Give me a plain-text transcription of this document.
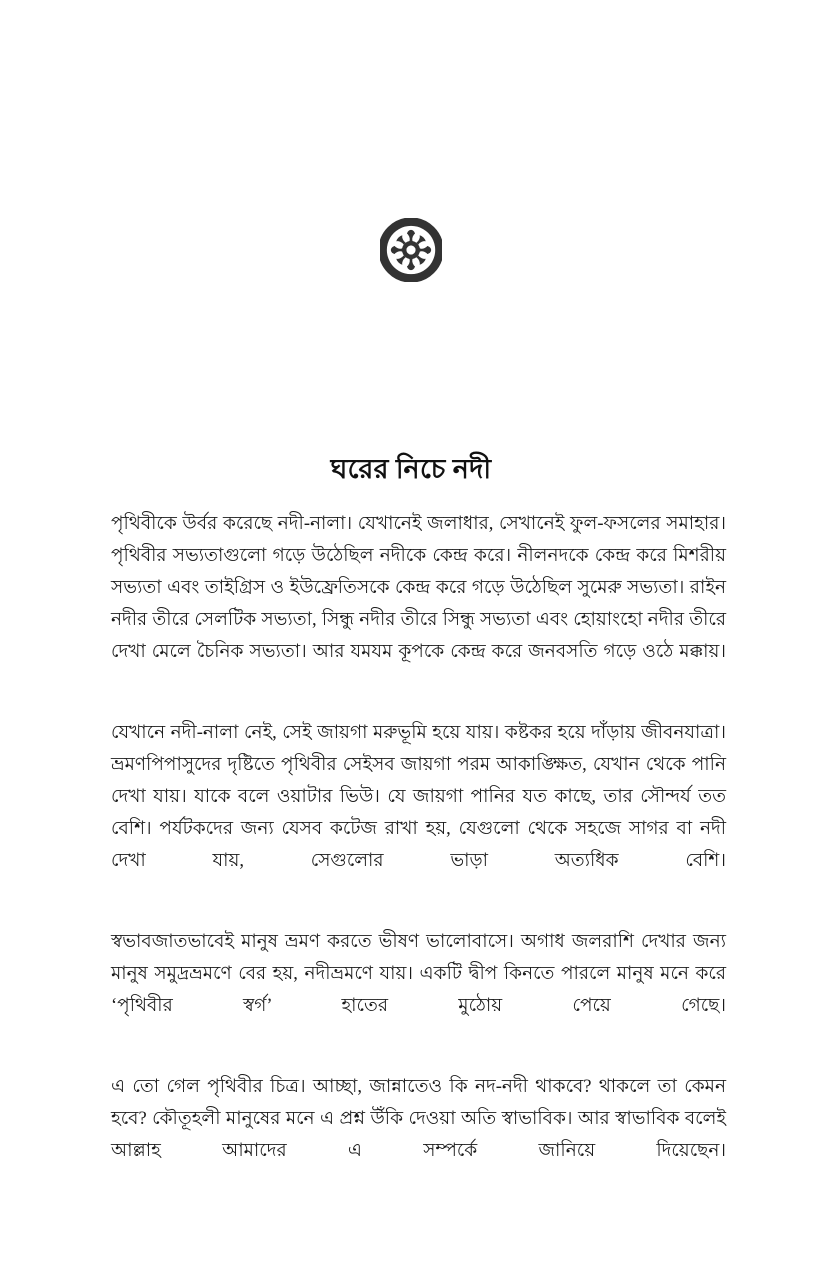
ঘরের নিচে নদী

পৃথিবীকে উর্বর করেছে নদী-নালা। যেখানেই জলাধার, সেখানেই ফুল-ফসলের সমাহার। পৃথিবীর সভ্যতাগুলো গড়ে উঠেছিল নদীকে কেন্দ্র করে। নীলনদকে কেন্দ্র করে মিশরীয় সভ্যতা এবং তাইগ্রিস ও ইউফ্রেতিসকে কেন্দ্র করে গড়ে উঠেছিল সুমেরু সভ্যতা। রাইন নদীর তীরে সেলটিক সভ্যতা, সিন্ধু নদীর তীরে সিন্ধু সভ্যতা এবং হোয়াংহো নদীর তীরে দেখা মেলে চৈনিক সভ্যতা। আর যমযম কূপকে কেন্দ্র করে জনবসতি গড়ে ওঠে মক্কায়।

যেখানে নদী-নালা নেই, সেই জায়গা মরুভূমি হয়ে যায়। কষ্টকর হয়ে দাঁড়ায় জীবনযাত্রা। ভ্রমণপিপাসুদের দৃষ্টিতে পৃথিবীর সেইসব জায়গা পরম আকাঙ্ক্ষিত, যেখান থেকে পানি দেখা যায়। যাকে বলে ওয়াটার ভিউ। যে জায়গা পানির যত কাছে, তার সৌন্দর্য তত বেশি। পর্যটকদের জন্য যেসব কটেজ রাখা হয়, যেগুলো থেকে সহজে সাগর বা নদী দেখা যায়, সেগুলোর ভাড়া অত্যধিক বেশি।

স্বভাবজাতভাবেই মানুষ ভ্রমণ করতে ভীষণ ভালোবাসে। অগাধ জলরাশি দেখার জন্য মানুষ সমুদ্রভ্রমণে বের হয়, নদীভ্রমণে যায়। একটি দ্বীপ কিনতে পারলে মানুষ মনে করে ‘পৃথিবীর স্বর্গ’ হাতের মুঠোয় পেয়ে গেছে।

এ তো গেল পৃথিবীর চিত্র। আচ্ছা, জান্নাতেও কি নদ-নদী থাকবে? থাকলে তা কেমন হবে? কৌতূহলী মানুষের মনে এ প্রশ্ন উঁকি দেওয়া অতি স্বাভাবিক। আর স্বাভাবিক বলেই আল্লাহ আমাদের এ সম্পর্কে জানিয়ে দিয়েছেন।
